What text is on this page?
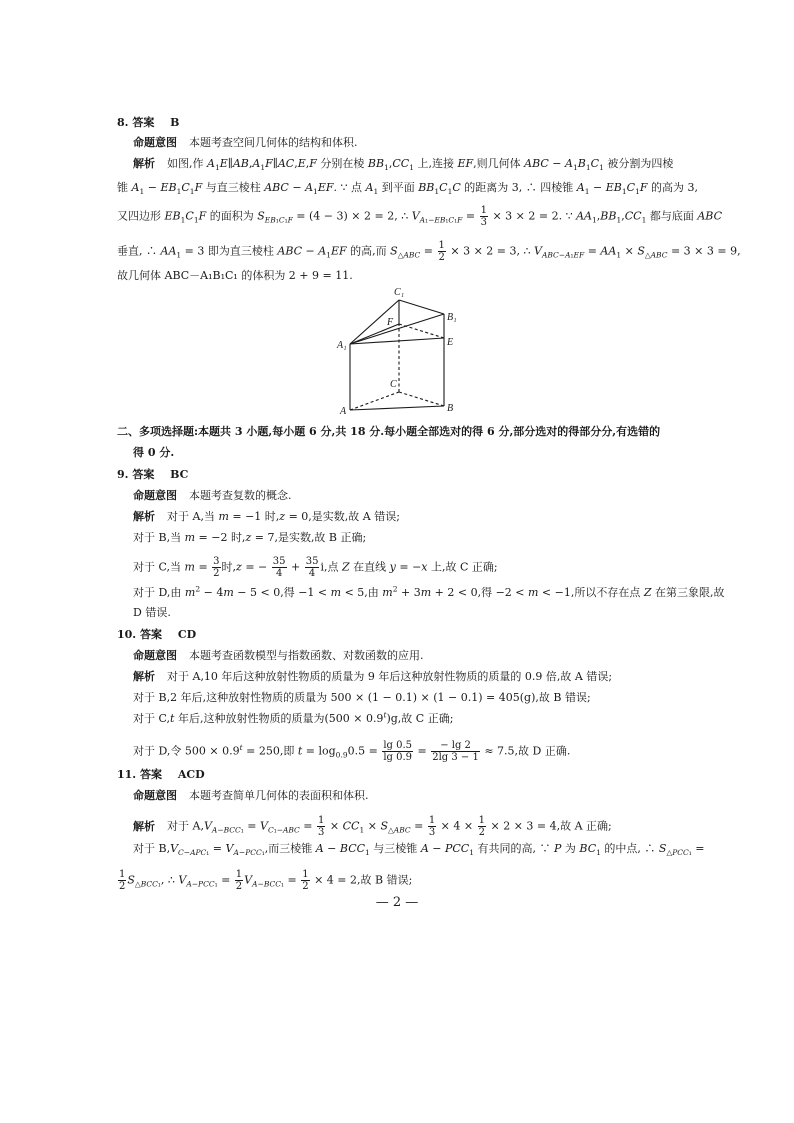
8. 答案 B
命题意图 本题考查空间几何体的结构和体积.
解析 如图,作 $A_1E\parallel AB,A_1F\parallel AC,E,F$ 分别在棱 $BB_1,CC_1$ 上,连接 EF,则几何体 ABC − $A_1B_1C_1$ 被分割为四棱
锥 $A_1 - EB_1C_1F$ 与直三棱柱 ABC − $A_1EF$. ∵ 点 $A_1$ 到平面 $BB_1C_1C$ 的距离为 3, ∴ 四棱锥 $A_1 - EB_1C_1F$ 的高为 3,
又四边形 $EB_1C_1F$ 的面积为 $S_{EB_1C_1F} = (4 - 3) \times 2 = 2$, ∴ $V_{A_1-EB_1C_1F} = \frac{1}{3} \times 3 \times 2 = 2$. ∵ $AA_1,BB_1,CC_1$ 都与底面 ABC
垂直, ∴ $AA_1 = 3$ 即为直三棱柱 ABC − $A_1EF$ 的高,而 $S_{\triangle ABC} = \frac{1}{2} \times 3 \times 2 = 3$, ∴ $V_{ABC-A_1EF} = AA_1 \times S_{\triangle ABC} = 3 \times 3 = 9$,
故几何体 ABC－A₁B₁C₁ 的体积为 2 + 9 = 11.
C₁
B₁
F
E
A₁
C
A	B
二、多项选择题:本题共 3 小题,每小题 6 分,共 18 分.每小题全部选对的得 6 分,部分选对的得部分分,有选错的
得 0 分.
9. 答案 BC
命题意图 本题考查复数的概念.
解析 对于 A,当 m = −1 时,z = 0,是实数,故 A 错误;
对于 B,当 m = −2 时,z = 7,是实数,故 B 正确;
对于 C,当 $m = \frac{3}{2}$ 时,z = − $\frac{35}{4} + \frac{35}{4} i$,点 Z 在直线 y = −x 上,故 C 正确;
对于 D,由 $m^2 - 4m - 5 < 0$,得 −1 < m < 5,由 $m^2 + 3m + 2 < 0$,得 −2 < m < −1,所以不存在点 Z 在第三象限,故
D 错误.
10. 答案 CD
命题意图 本题考查函数模型与指数函数、对数函数的应用.
解析 对于 A,10 年后这种放射性物质的质量为 9 年后这种放射性物质的质量的 0.9 倍,故 A 错误;
对于 B,2 年后,这种放射性物质的质量为 500 × (1 − 0.1) × (1 − 0.1) = 405(g),故 B 错误;
对于 C,t 年后,这种放射性物质的质量为$(500 \times 0.9^t)g$,故 C 正确;
对于 D,令 $500 \times 0.9^t = 250$,即 $t = \log_{0.9}0.5 = \frac{\lg 0.5}{\lg 0.9} = \frac{- \lg 2}{2\lg 3 - 1} \approx 7.5$,故 D 正确.
11. 答案 ACD
命题意图 本题考查简单几何体的表面积和体积.
解析 对于 $A,V_{A-BCC_1} = V_{C_1-ABC} = \frac{1}{3} \times CC_1 \times S_{\triangle ABC} = \frac{1}{3} \times 4 \times \frac{1}{2} \times 2 \times 3 = 4$,故 A 正确;
对于 $B,V_{C-APC_1} = V_{A-PCC_1}$,而三棱锥 $A - BCC_1$ 与三棱锥 $A - PCC_1$ 有共同的高, ∵ P 为 $BC_1$ 的中点, ∴ $S_{\triangle PCC_1}$ =
$\frac{1}{2} S_{\triangle BCC_1}$, ∴ $V_{A-PCC_1} = \frac{1}{2} V_{A-BCC_1} = \frac{1}{2} \times 4 = 2$,故 B 错误;
— 2 —
